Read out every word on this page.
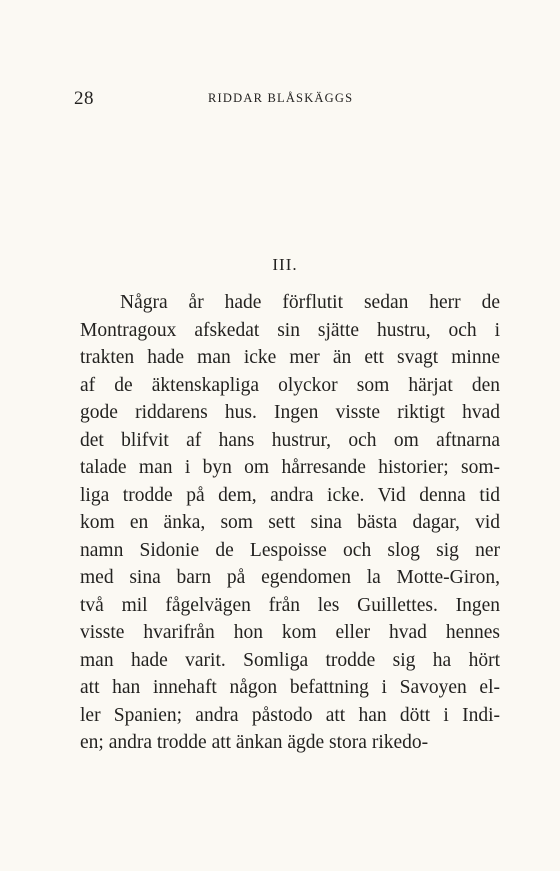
28	RIDDAR BLÅSKÄGGS
III.

Några år hade förflutit sedan herr de
Montragoux afskedat sin sjätte hustru, och i
trakten hade man icke mer än ett svagt minne
af de äktenskapliga olyckor som härjat den
gode riddarens hus. Ingen visste riktigt hvad
det blifvit af hans hustrur, och om aftnarna
talade man i byn om hårresande historier; som-
liga trodde på dem, andra icke. Vid denna tid
kom en änka, som sett sina bästa dagar, vid
namn Sidonie de Lespoisse och slog sig ner
med sina barn på egendomen la Motte-Giron,
två mil fågelvägen från les Guillettes. Ingen
visste hvarifrån hon kom eller hvad hennes
man hade varit. Somliga trodde sig ha hört
att han innehaft någon befattning i Savoyen el-
ler Spanien; andra påstodo att han dött i Indi-
en; andra trodde att änkan ägde stora rikedo-
